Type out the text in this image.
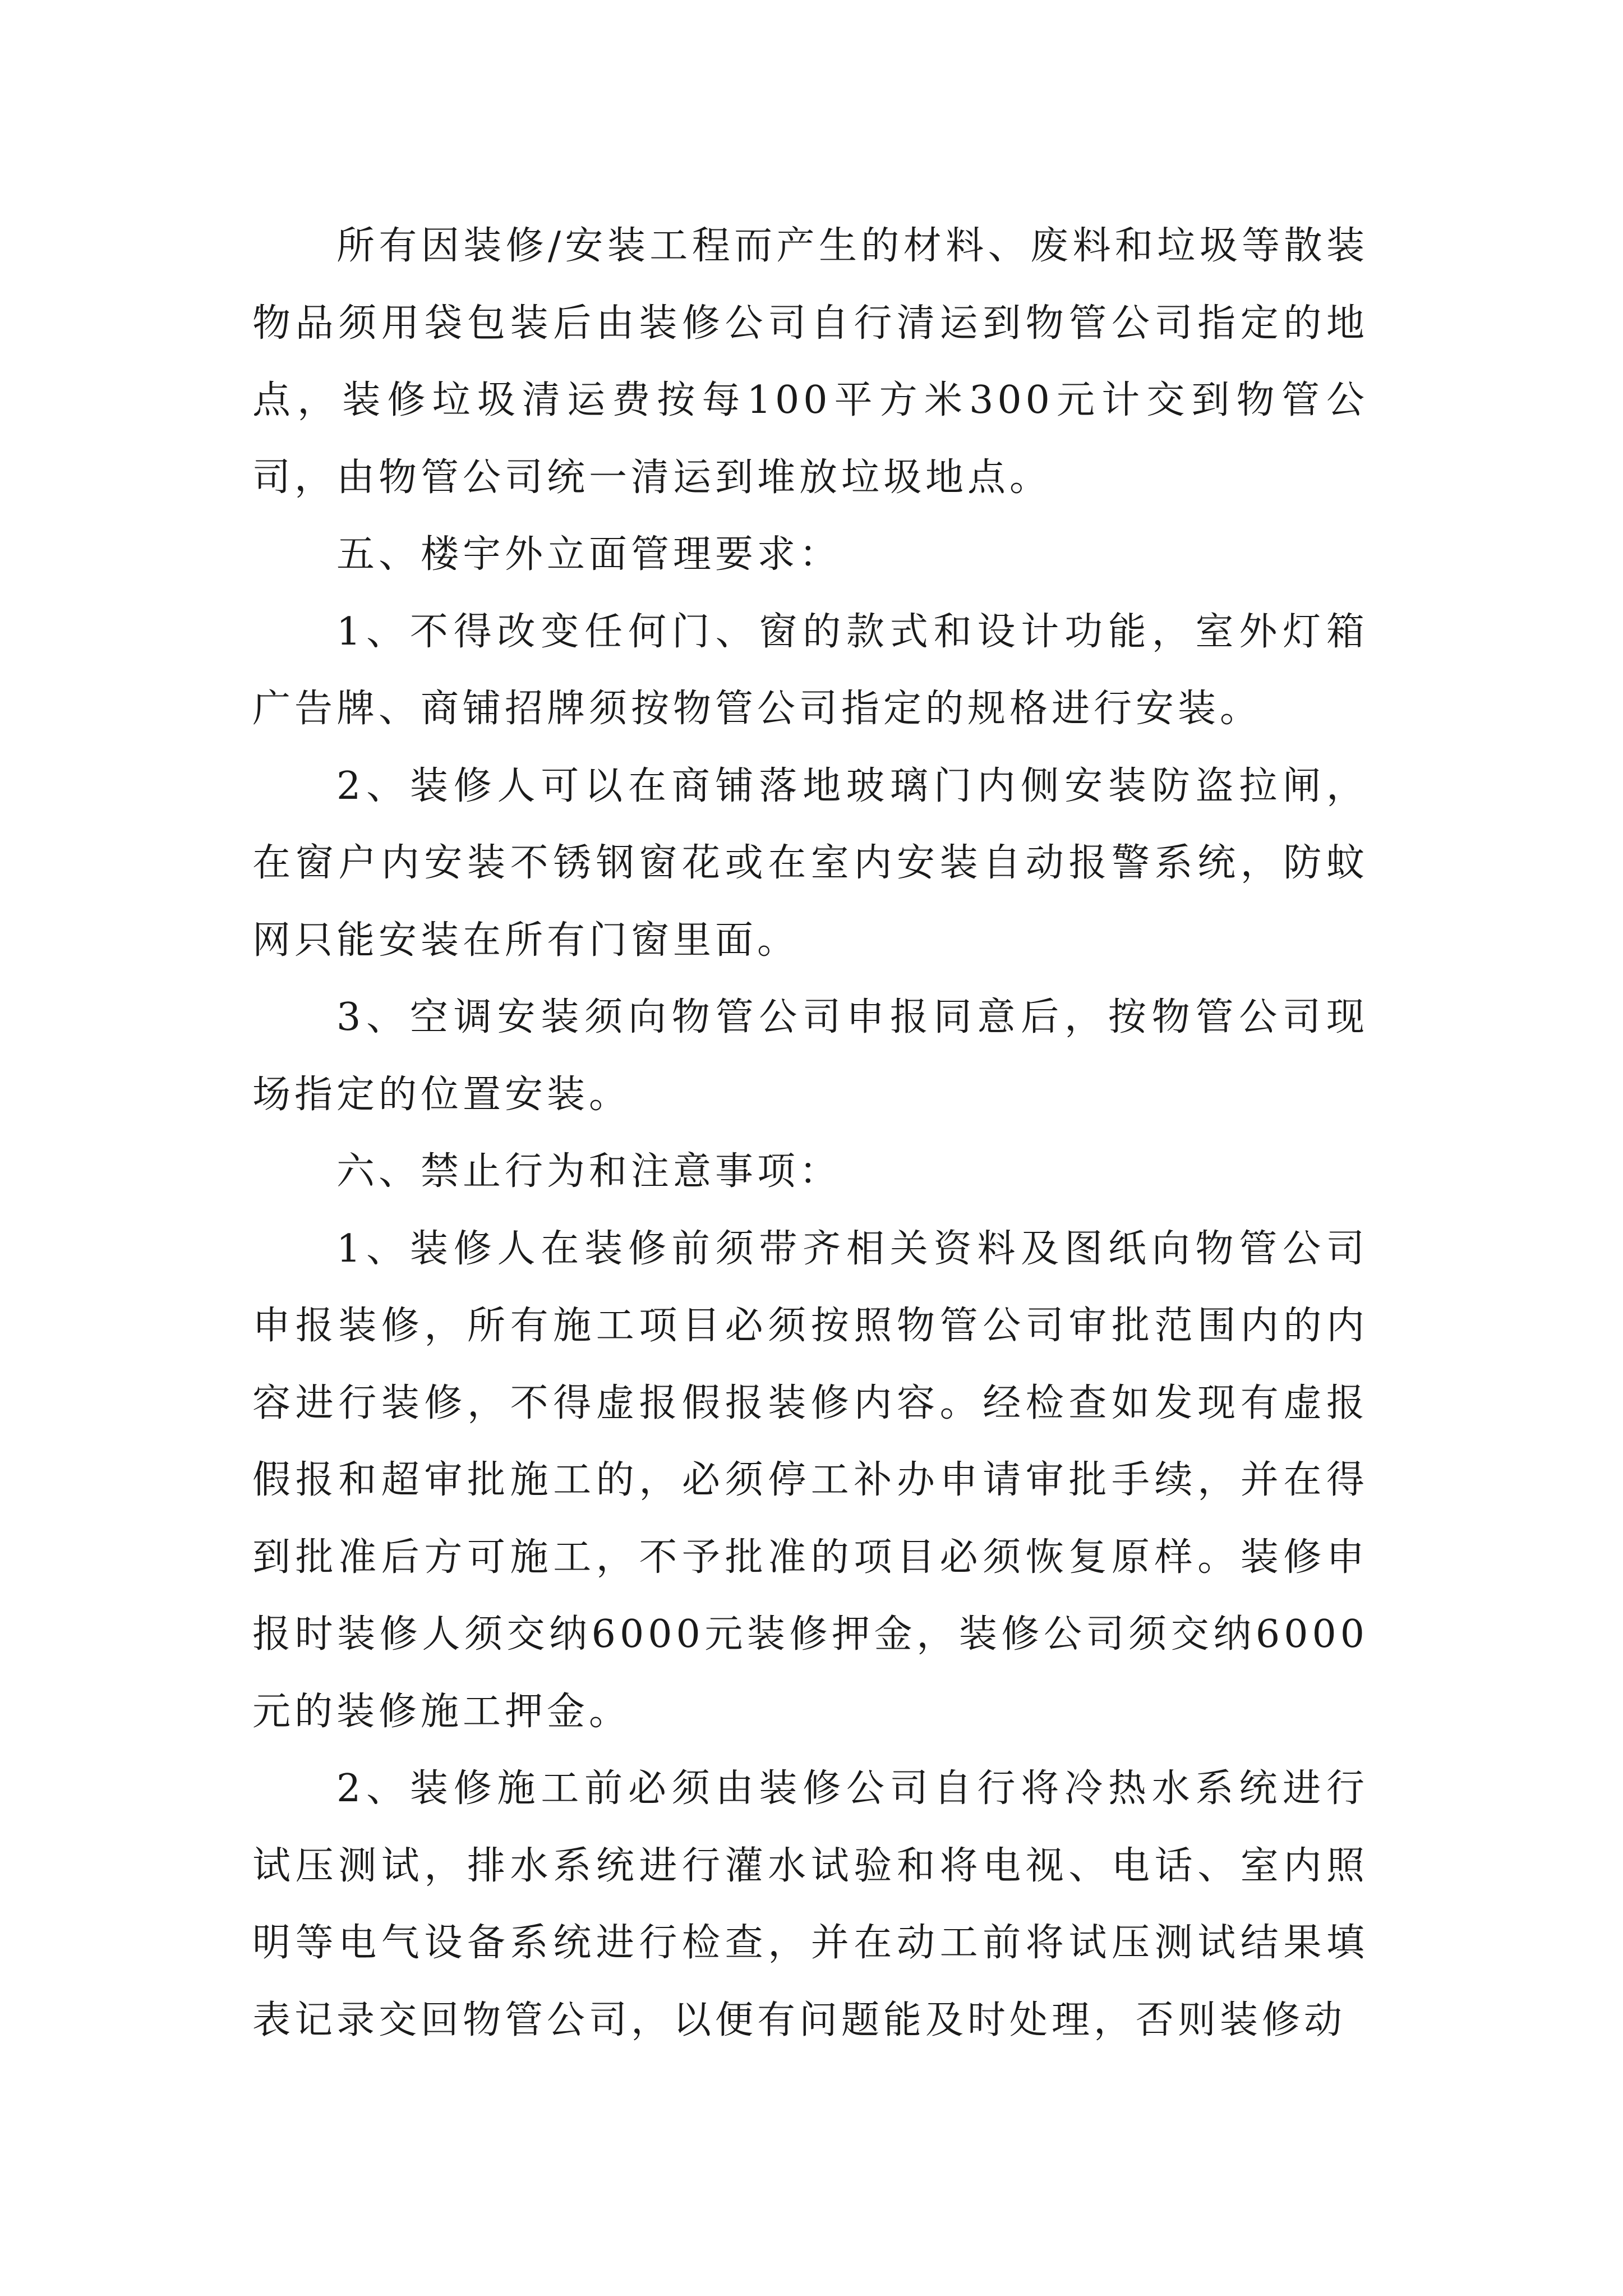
所有因装修/安装工程而产生的材料、废料和垃圾等散装物品须用袋包装后由装修公司自行清运到物管公司指定的地点，装修垃圾清运费按每100平方米300元计交到物管公司，由物管公司统一清运到堆放垃圾地点。

五、楼宇外立面管理要求：

1、不得改变任何门、窗的款式和设计功能，室外灯箱广告牌、商铺招牌须按物管公司指定的规格进行安装。

2、装修人可以在商铺落地玻璃门内侧安装防盗拉闸，在窗户内安装不锈钢窗花或在室内安装自动报警系统，防蚊网只能安装在所有门窗里面。

3、空调安装须向物管公司申报同意后，按物管公司现场指定的位置安装。

六、禁止行为和注意事项：

1、装修人在装修前须带齐相关资料及图纸向物管公司申报装修，所有施工项目必须按照物管公司审批范围内的内容进行装修，不得虚报假报装修内容。经检查如发现有虚报假报和超审批施工的，必须停工补办申请审批手续，并在得到批准后方可施工，不予批准的项目必须恢复原样。装修申报时装修人须交纳6000元装修押金，装修公司须交纳6000元的装修施工押金。

2、装修施工前必须由装修公司自行将冷热水系统进行试压测试，排水系统进行灌水试验和将电视、电话、室内照明等电气设备系统进行检查，并在动工前将试压测试结果填表记录交回物管公司，以便有问题能及时处理，否则装修动
